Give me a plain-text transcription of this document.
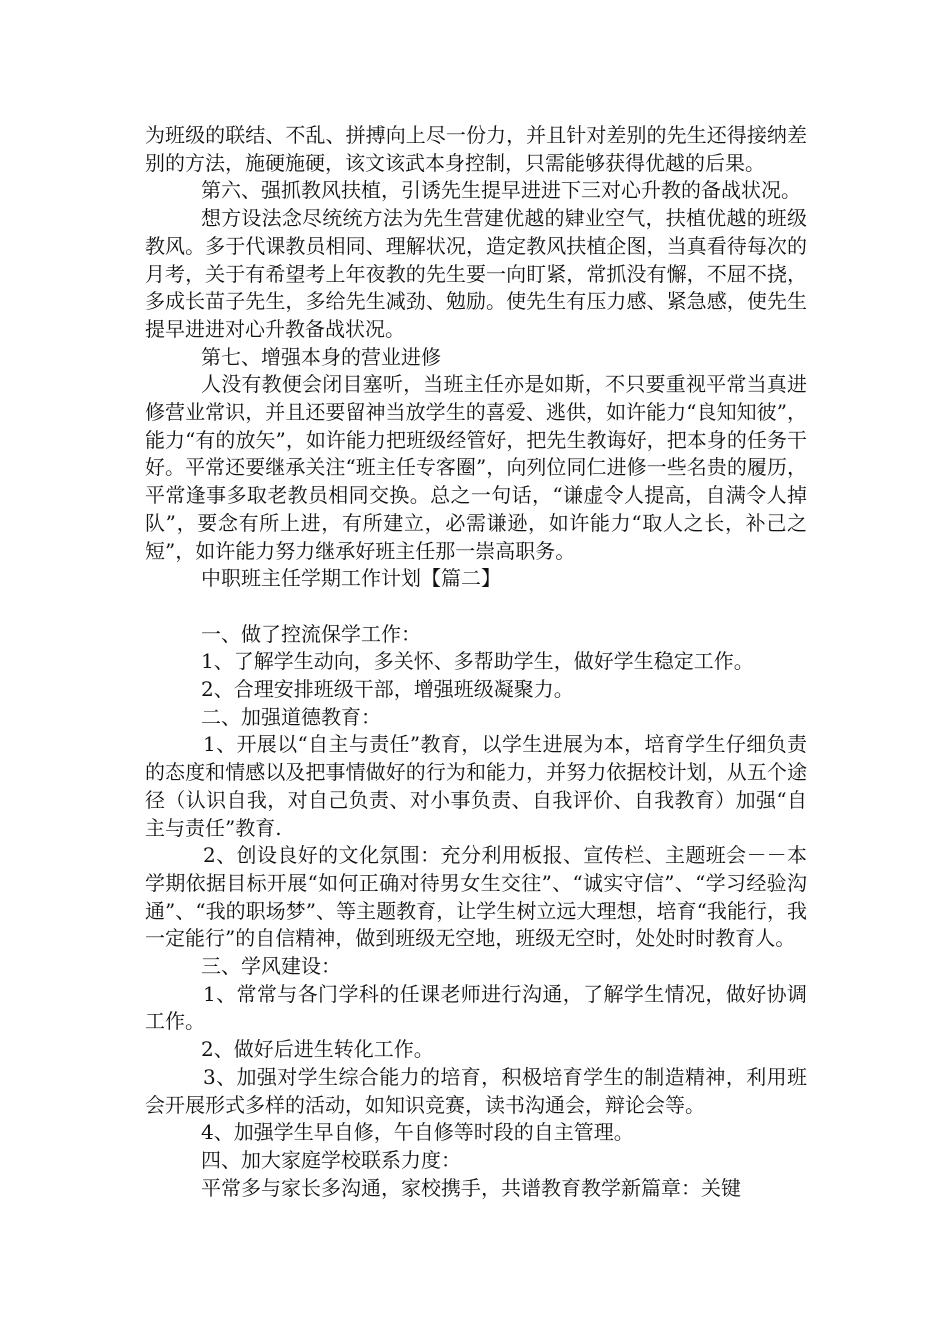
为班级的联结、不乱、拼搏向上尽一份力，并且针对差别的先生还得接纳差别的方法，施硬施硬，该文该武本身控制，只需能够获得优越的后果。

第六、强抓教风扶植，引诱先生提早进进下三对心升教的备战状况。

想方设法念尽统统方法为先生营建优越的肄业空气，扶植优越的班级教风。多于代课教员相同、理解状况，造定教风扶植企图，当真看待每次的月考，关于有希望考上年夜教的先生要一向盯紧，常抓没有懈，不屈不挠，多成长苗子先生，多给先生减劲、勉励。使先生有压力感、紧急感，使先生提早进进对心升教备战状况。

第七、增强本身的营业进修

人没有教便会闭目塞听，当班主任亦是如斯，不只要重视平常当真进修营业常识，并且还要留神当放学生的喜爱、逃供，如许能力“良知知彼”，能力“有的放矢”，如许能力把班级经管好，把先生教诲好，把本身的任务干好。平常还要继承关注“班主任专客圈”，向列位同仁进修一些名贵的履历，平常逢事多取老教员相同交换。总之一句话，“谦虚令人提高，自满令人掉队”，要念有所上进，有所建立，必需谦逊，如许能力“取人之长，补己之短”，如许能力努力继承好班主任那一崇高职务。

中职班主任学期工作计划【篇二】

一、做了控流保学工作：

1、了解学生动向，多关怀、多帮助学生，做好学生稳定工作。

2、合理安排班级干部，增强班级凝聚力。

二、加强道德教育：

1、开展以“自主与责任”教育，以学生进展为本，培育学生仔细负责的态度和情感以及把事情做好的行为和能力，并努力依据校计划，从五个途径（认识自我，对自己负责、对小事负责、自我评价、自我教育）加强“自主与责任”教育.

2、创设良好的文化氛围：充分利用板报、宣传栏、主题班会－－本学期依据目标开展“如何正确对待男女生交往”、“诚实守信”、“学习经验沟通”、“我的职场梦”、等主题教育，让学生树立远大理想，培育“我能行，我一定能行”的自信精神，做到班级无空地，班级无空时，处处时时教育人。

三、学风建设：

1、常常与各门学科的任课老师进行沟通，了解学生情况，做好协调工作。

2、做好后进生转化工作。

3、加强对学生综合能力的培育，积极培育学生的制造精神，利用班会开展形式多样的活动，如知识竞赛，读书沟通会，辩论会等。

4、加强学生早自修，午自修等时段的自主管理。

四、加大家庭学校联系力度：

平常多与家长多沟通，家校携手，共谱教育教学新篇章：关键
